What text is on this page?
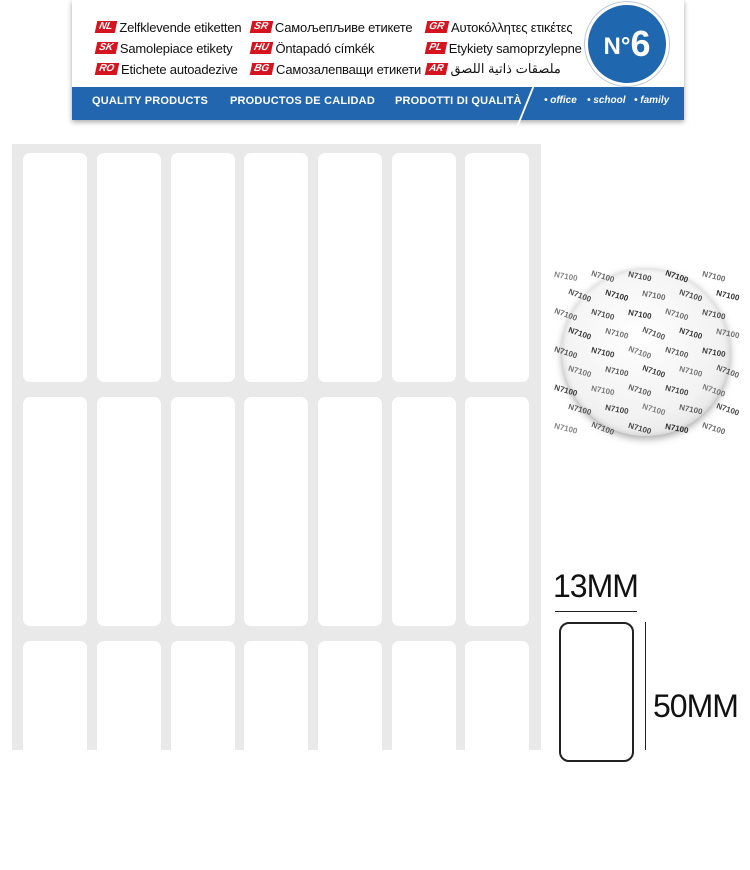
NL Zelfklevende etiketten
SK Samolepiace etikety
RO Etichete autoadezive
SR Самољепљиве етикете
HU Öntapadó címkék
BG Самозалепващи етикети
GR Αυτοκόλλητες ετικέτες
PL Etykiety samoprzylepne
AR ملصقات ذاتية اللصق
N° 6
QUALITY PRODUCTS PRODUCTOS DE CALIDAD PRODOTTI DI QUALITÀ • office • school • family
N7100 N7100 N7100 N7100 N7100
N7100 N7100 N7100 N7100 N7100
N7100 N7100 N7100 N7100 N7100
N7100 N7100 N7100 N7100 N7100
N7100 N7100 N7100 N7100 N7100
N7100 N7100 N7100 N7100 N7100
N7100 N7100 N7100 N7100 N7100
N7100 N7100 N7100 N7100 N7100
N7100 N7100 N7100 N7100 N7100
13MM
50MM
